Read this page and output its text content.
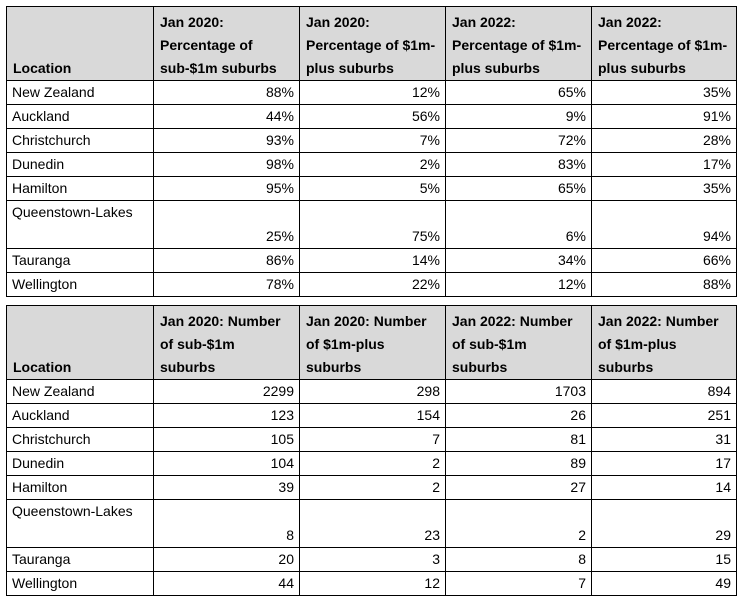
Location	Jan 2020: Percentage of sub-$1m suburbs	Jan 2020: Percentage of $1m-plus suburbs	Jan 2022: Percentage of $1m-plus suburbs	Jan 2022: Percentage of $1m-plus suburbs
New Zealand	88%	12%	65%	35%
Auckland	44%	56%	9%	91%
Christchurch	93%	7%	72%	28%
Dunedin	98%	2%	83%	17%
Hamilton	95%	5%	65%	35%
Queenstown-Lakes	25%	75%	6%	94%
Tauranga	86%	14%	34%	66%
Wellington	78%	22%	12%	88%
Location	Jan 2020: Number of sub-$1m suburbs	Jan 2020: Number of $1m-plus suburbs	Jan 2022: Number of sub-$1m suburbs	Jan 2022: Number of $1m-plus suburbs
New Zealand	2299	298	1703	894
Auckland	123	154	26	251
Christchurch	105	7	81	31
Dunedin	104	2	89	17
Hamilton	39	2	27	14
Queenstown-Lakes	8	23	2	29
Tauranga	20	3	8	15
Wellington	44	12	7	49
